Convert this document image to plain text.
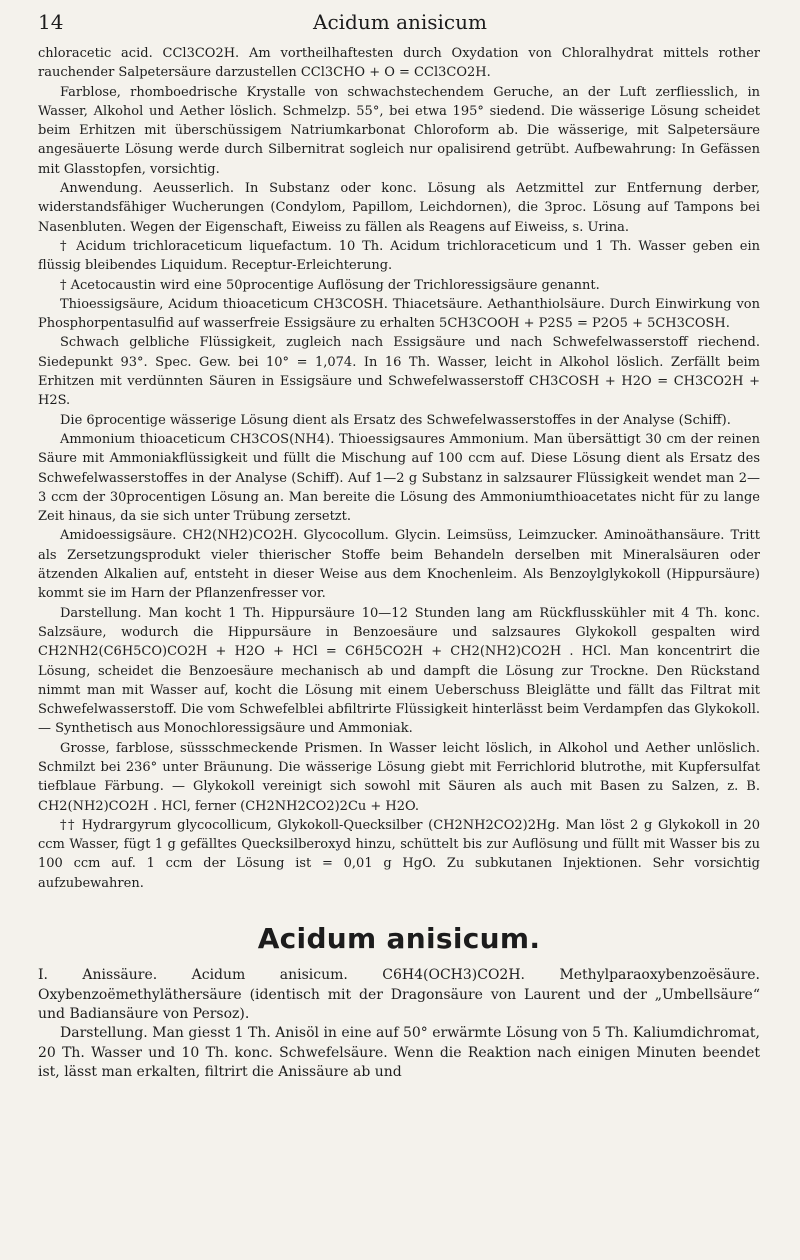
14	Acidum anisicum

chloracetic acid. CCl3CO2H. Am vortheilhaftesten durch Oxydation von Chloralhydrat mittels rother rauchender Salpetersäure darzustellen CCl3CHO + O = CCl3CO2H.

Farblose, rhomboedrische Krystalle von schwachstechendem Geruche, an der Luft zerfliesslich, in Wasser, Alkohol und Aether löslich. Schmelzp. 55°, bei etwa 195° siedend. Die wässerige Lösung scheidet beim Erhitzen mit überschüssigem Natriumkarbonat Chloroform ab. Die wässerige, mit Salpetersäure angesäuerte Lösung werde durch Silbernitrat sogleich nur opalisirend getrübt. Aufbewahrung: In Gefässen mit Glasstopfen, vorsichtig.

Anwendung. Aeusserlich. In Substanz oder konc. Lösung als Aetzmittel zur Entfernung derber, widerstandsfähiger Wucherungen (Condylom, Papillom, Leichdornen), die 3proc. Lösung auf Tampons bei Nasenbluten. Wegen der Eigenschaft, Eiweiss zu fällen als Reagens auf Eiweiss, s. Urina.

† Acidum trichloraceticum liquefactum. 10 Th. Acidum trichloraceticum und 1 Th. Wasser geben ein flüssig bleibendes Liquidum. Receptur-Erleichterung.

† Acetocaustin wird eine 50procentige Auflösung der Trichloressigsäure genannt.

Thioessigsäure, Acidum thioaceticum CH3COSH. Thiacetsäure. Aethanthiolsäure. Durch Einwirkung von Phosphorpentasulfid auf wasserfreie Essigsäure zu erhalten 5CH3COOH + P2S5 = P2O5 + 5CH3COSH.

Schwach gelbliche Flüssigkeit, zugleich nach Essigsäure und nach Schwefelwasserstoff riechend. Siedepunkt 93°. Spec. Gew. bei 10° = 1,074. In 16 Th. Wasser, leicht in Alkohol löslich. Zerfällt beim Erhitzen mit verdünnten Säuren in Essigsäure und Schwefelwasserstoff CH3COSH + H2O = CH3CO2H + H2S.

Die 6procentige wässerige Lösung dient als Ersatz des Schwefelwasserstoffes in der Analyse (Schiff).

Ammonium thioaceticum CH3COS(NH4). Thioessigsaures Ammonium. Man übersättigt 30 cm der reinen Säure mit Ammoniakflüssigkeit und füllt die Mischung auf 100 ccm auf. Diese Lösung dient als Ersatz des Schwefelwasserstoffes in der Analyse (Schiff). Auf 1—2 g Substanz in salzsaurer Flüssigkeit wendet man 2—3 ccm der 30procentigen Lösung an. Man bereite die Lösung des Ammoniumthioacetates nicht für zu lange Zeit hinaus, da sie sich unter Trübung zersetzt.

Amidoessigsäure. CH2(NH2)CO2H. Glycocollum. Glycin. Leimsüss, Leimzucker. Aminoäthansäure. Tritt als Zersetzungsprodukt vieler thierischer Stoffe beim Behandeln derselben mit Mineralsäuren oder ätzenden Alkalien auf, entsteht in dieser Weise aus dem Knochenleim. Als Benzoylglykokoll (Hippursäure) kommt sie im Harn der Pflanzenfresser vor.

Darstellung. Man kocht 1 Th. Hippursäure 10—12 Stunden lang am Rückflusskühler mit 4 Th. konc. Salzsäure, wodurch die Hippursäure in Benzoesäure und salzsaures Glykokoll gespalten wird CH2NH2(C6H5CO)CO2H + H2O + HCl = C6H5CO2H + CH2(NH2)CO2H . HCl. Man koncentrirt die Lösung, scheidet die Benzoesäure mechanisch ab und dampft die Lösung zur Trockne. Den Rückstand nimmt man mit Wasser auf, kocht die Lösung mit einem Ueberschuss Bleiglätte und fällt das Filtrat mit Schwefelwasserstoff. Die vom Schwefelblei abfiltrirte Flüssigkeit hinterlässt beim Verdampfen das Glykokoll. — Synthetisch aus Monochloressigsäure und Ammoniak.

Grosse, farblose, süssschmeckende Prismen. In Wasser leicht löslich, in Alkohol und Aether unlöslich. Schmilzt bei 236° unter Bräunung. Die wässerige Lösung giebt mit Ferrichlorid blutrothe, mit Kupfersulfat tiefblaue Färbung. — Glykokoll vereinigt sich sowohl mit Säuren als auch mit Basen zu Salzen, z. B. CH2(NH2)CO2H . HCl, ferner (CH2NH2CO2)2Cu + H2O.

†† Hydrargyrum glycocollicum, Glykokoll-Quecksilber (CH2NH2CO2)2Hg. Man löst 2 g Glykokoll in 20 ccm Wasser, fügt 1 g gefälltes Quecksilberoxyd hinzu, schüttelt bis zur Auflösung und füllt mit Wasser bis zu 100 ccm auf. 1 ccm der Lösung ist = 0,01 g HgO. Zu subkutanen Injektionen. Sehr vorsichtig aufzubewahren.

Acidum anisicum.

I. Anissäure. Acidum anisicum. C6H4(OCH3)CO2H. Methylparaoxybenzoësäure. Oxybenzoëmethyläthersäure (identisch mit der Dragonsäure von Laurent und der „Umbellsäure“ und Badiansäure von Persoz).

Darstellung. Man giesst 1 Th. Anisöl in eine auf 50° erwärmte Lösung von 5 Th. Kaliumdichromat, 20 Th. Wasser und 10 Th. konc. Schwefelsäure. Wenn die Reaktion nach einigen Minuten beendet ist, lässt man erkalten, filtrirt die Anissäure ab und
